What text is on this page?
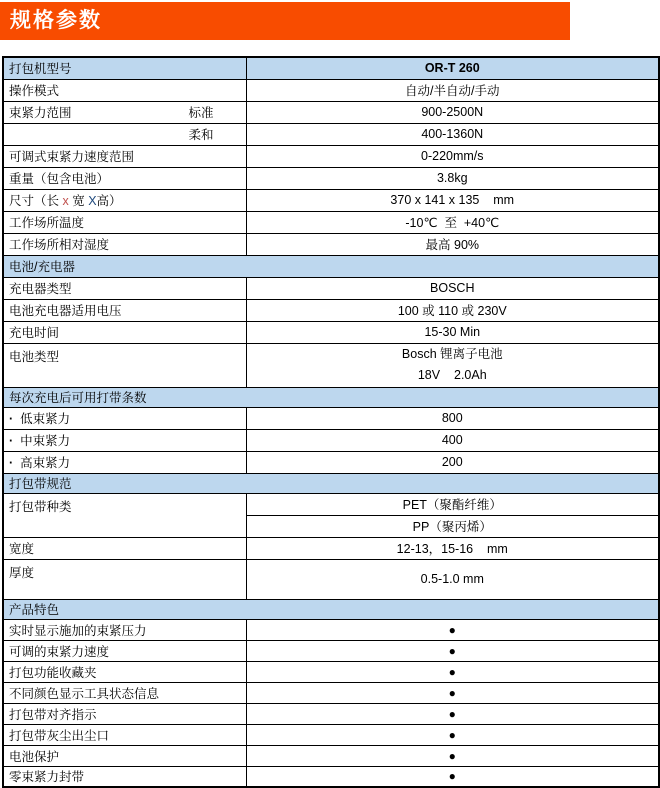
规格参数
打包机型号	OR-T 260

操作模式	自动/半自动/手动

束紧力范围 标准	900-2500N

柔和	400-1360N

可调式束紧力速度范围	0-220mm/s

重量（包含电池）	3.8kg

尺寸（长 x 宽 X高）	370 x 141 x 135    mm

工作场所温度	-10℃  至  +40℃

工作场所相对湿度	最高 90%
电池/充电器	

充电器类型	BOSCH

电池充电器适用电压	100 或 110 或 230V

充电时间	15-30 Min

电池类型	Bosch 锂离子电池
18V    2.0Ah

每次充电后可用打带条数	

· 低束紧力	800

· 中束紧力	400

· 高束紧力	200
打包带规范	

打包带种类	PET（聚酯纤维）
	PP（聚丙烯）

宽度	12-13，15-16    mm

厚度	0.5-1.0 mm
产品特色	

实时显示施加的束紧压力	●

可调的束紧力速度	●

打包功能收藏夹	●

不同颜色显示工具状态信息	●

打包带对齐指示	●

打包带灰尘出尘口	●

电池保护	●

零束紧力封带	●
